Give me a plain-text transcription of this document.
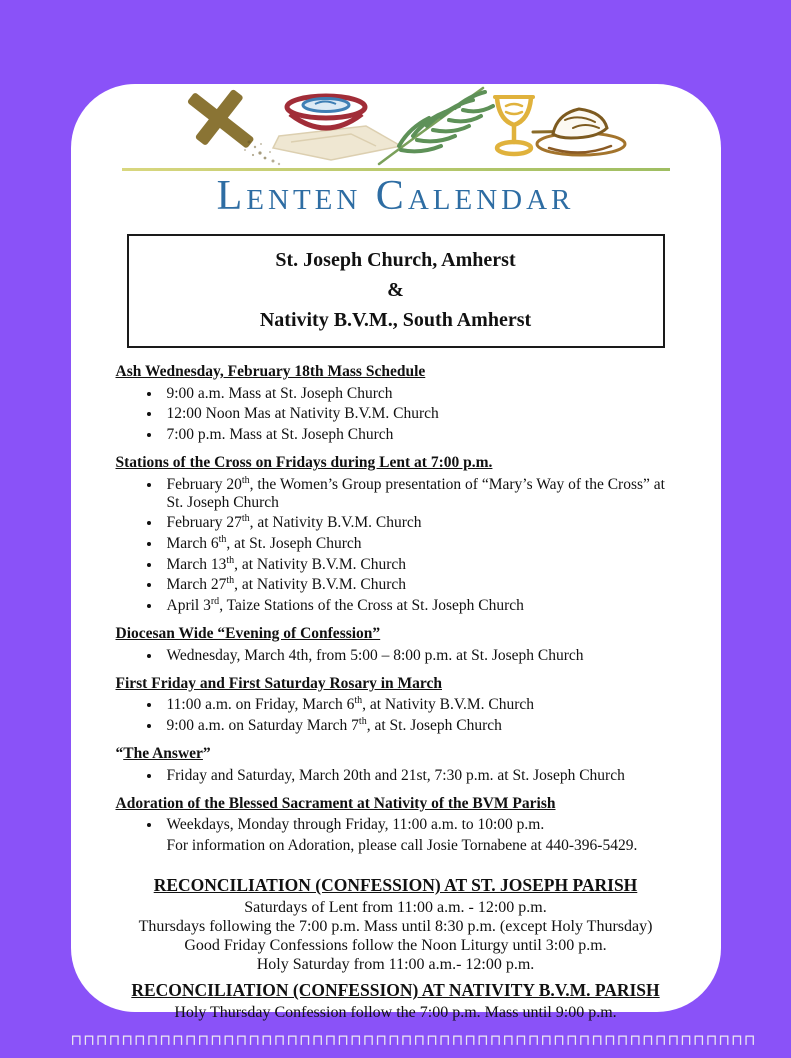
Lenten Calendar
St. Joseph Church, Amherst
&
Nativity B.V.M., South Amherst
Ash Wednesday, February 18th Mass Schedule
• 9:00 a.m. Mass at St. Joseph Church
• 12:00 Noon Mas at Nativity B.V.M. Church
• 7:00 p.m. Mass at St. Joseph Church
Stations of the Cross on Fridays during Lent at 7:00 p.m.
• February 20th, the Women’s Group presentation of “Mary’s Way of the Cross” at St. Joseph Church
• February 27th, at Nativity B.V.M. Church
• March 6th, at St. Joseph Church
• March 13th, at Nativity B.V.M. Church
• March 27th, at Nativity B.V.M. Church
• April 3rd, Taize Stations of the Cross at St. Joseph Church
Diocesan Wide “Evening of Confession”
• Wednesday, March 4th, from 5:00 – 8:00 p.m. at St. Joseph Church
First Friday and First Saturday Rosary in March
• 11:00 a.m. on Friday, March 6th, at Nativity B.V.M. Church
• 9:00 a.m. on Saturday March 7th, at St. Joseph Church
“The Answer”
• Friday and Saturday, March 20th and 21st, 7:30 p.m. at St. Joseph Church
Adoration of the Blessed Sacrament at Nativity of the BVM Parish
• Weekdays, Monday through Friday, 11:00 a.m. to 10:00 p.m.
For information on Adoration, please call Josie Tornabene at 440-396-5429.
RECONCILIATION (CONFESSION) AT ST. JOSEPH PARISH
Saturdays of Lent from 11:00 a.m. - 12:00 p.m.
Thursdays following the 7:00 p.m. Mass until 8:30 p.m. (except Holy Thursday)
Good Friday Confessions follow the Noon Liturgy until 3:00 p.m.
Holy Saturday from 11:00 a.m.- 12:00 p.m.
RECONCILIATION (CONFESSION) AT NATIVITY B.V.M. PARISH
Holy Thursday Confession follow the 7:00 p.m. Mass until 9:00 p.m.
⊓⊓⊓⊓⊓⊓⊓⊓⊓⊓⊓⊓⊓⊓⊓⊓⊓⊓⊓⊓⊓⊓⊓⊓⊓⊓⊓⊓⊓⊓⊓⊓⊓⊓⊓⊓⊓⊓⊓⊓⊓⊓⊓⊓⊓⊓⊓⊓⊓⊓⊓⊓⊓⊓
